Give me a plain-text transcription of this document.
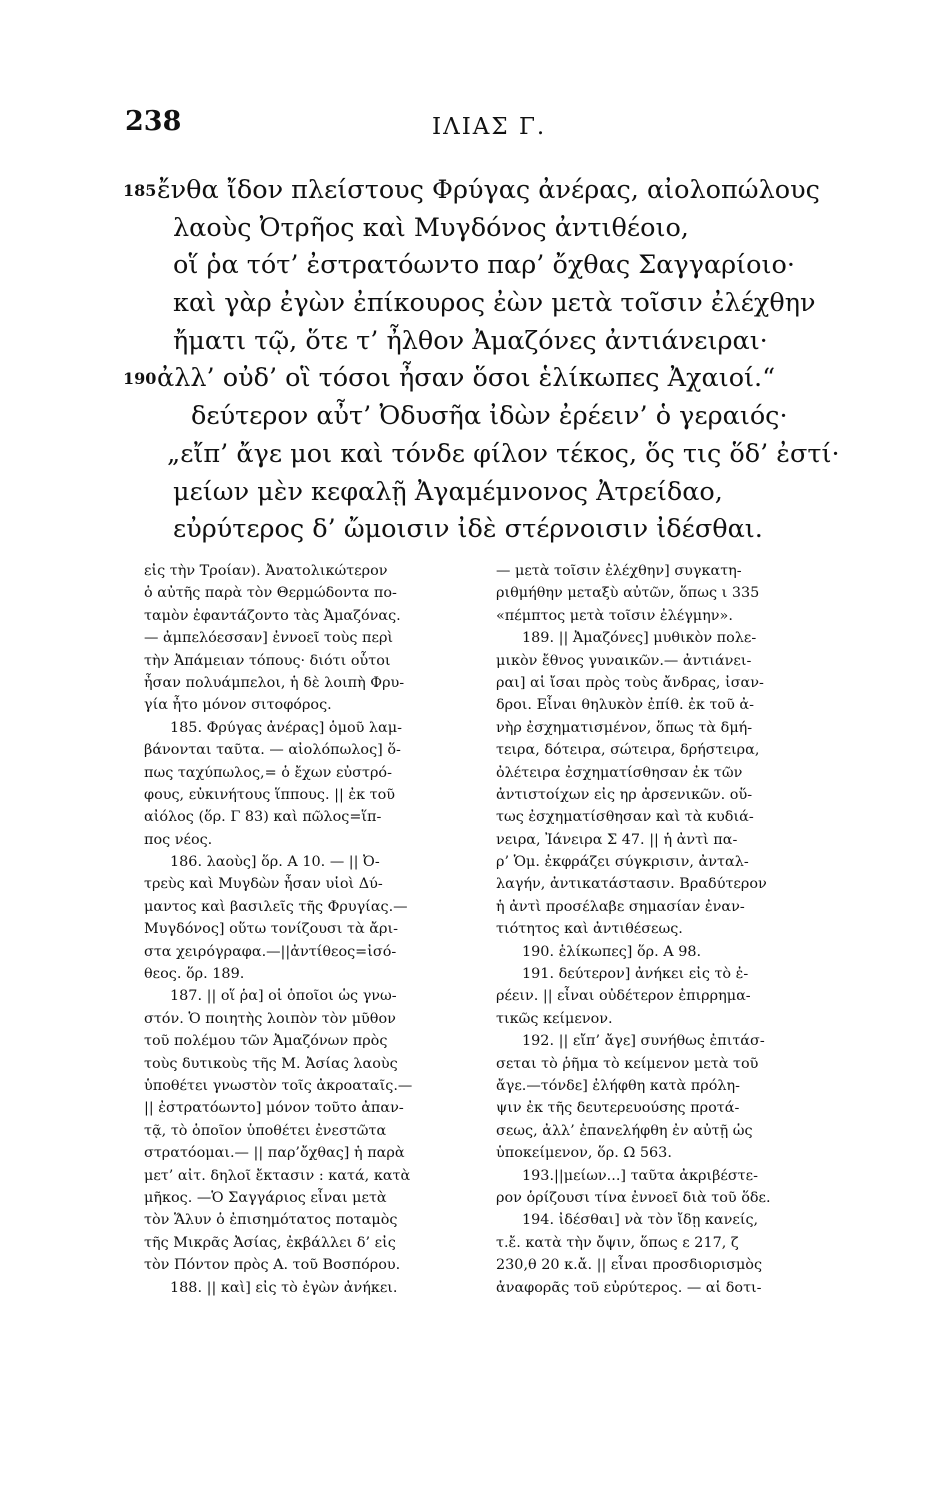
238	ΙΛΙΑΣ Γ.
185 ἔνθα ἴδον πλείστους Φρύγας ἀνέρας, αἰολοπώλους
λαοὺς Ὀτρῆος καὶ Μυγδόνος ἀντιθέοιο,
οἵ ῥα τότ’ ἐστρατόωντο παρ’ ὄχθας Σαγγαρίοιο·
καὶ γὰρ ἐγὼν ἐπίκουρος ἐὼν μετὰ τοῖσιν ἐλέχθην
ἤματι τῷ, ὅτε τ’ ἦλθον Ἀμαζόνες ἀντιάνειραι·
190 ἀλλ’ οὐδ’ οἳ τόσοι ἦσαν ὅσοι ἑλίκωπες Ἀχαιοί.“
δεύτερον αὖτ’ Ὀδυσῆα ἰδὼν ἐρέειν’ ὁ γεραιός·
„εἴπ’ ἄγε μοι καὶ τόνδε φίλον τέκος, ὅς τις ὅδ’ ἐστί·
μείων μὲν κεφαλῇ Ἀγαμέμνονος Ἀτρείδαο,
εὐρύτερος δ’ ὤμοισιν ἰδὲ στέρνοισιν ἰδέσθαι.
εἰς τὴν Τροίαν). Ἀνατολικώτερον
ὁ αὐτῆς παρὰ τὸν Θερμώδοντα πο-
ταμὸν ἐφαντάζοντο τὰς Ἀμαζόνας.
— ἀμπελόεσσαν] ἐννοεῖ τοὺς περὶ
τὴν Ἀπάμειαν τόπους· διότι οὗτοι
ἦσαν πολυάμπελοι, ἡ δὲ λοιπὴ Φρυ-
γία ἦτο μόνον σιτοφόρος.
185. Φρύγας ἀνέρας] ὁμοῦ λαμ-
βάνονται ταῦτα. — αἰολόπωλος] ὅ-
πως ταχύπωλος,= ὁ ἔχων εὐστρό-
φους, εὐκινήτους ἵππους. || ἐκ τοῦ
αἰόλος (ὅρ. Γ 83) καὶ πῶλος=ἵπ-
πος νέος.
186. λαοὺς] ὅρ. Α 10. — || Ὀ-
τρεὺς καὶ Μυγδὼν ἦσαν υἱοὶ Δύ-
μαντος καὶ βασιλεῖς τῆς Φρυγίας.—
Μυγδόνος] οὕτω τονίζουσι τὰ ἄρι-
στα χειρόγραφα.—||ἀντίθεος=ἰσό-
θεος. ὅρ. 189.
187. || οἵ ῥα] οἱ ὁποῖοι ὡς γνω-
στόν. Ὁ ποιητὴς λοιπὸν τὸν μῦθον
τοῦ πολέμου τῶν Ἀμαζόνων πρὸς
τοὺς δυτικοὺς τῆς Μ. Ἀσίας λαοὺς
ὑποθέτει γνωστὸν τοῖς ἀκροαταῖς.—
|| ἐστρατόωντο] μόνον τοῦτο ἀπαν-
τᾷ, τὸ ὁποῖον ὑποθέτει ἐνεστῶτα
στρατόομαι.— || παρ’ὄχθας] ἡ παρὰ
μετ’ αἰτ. δηλοῖ ἔκτασιν : κατά, κατὰ
μῆκος. —Ὁ Σαγγάριος εἶναι μετὰ
τὸν Ἅλυν ὁ ἐπισημότατος ποταμὸς
τῆς Μικρᾶς Ἀσίας, ἐκβάλλει δ’ εἰς
τὸν Πόντον πρὸς Α. τοῦ Βοσπόρου.
188. || καὶ] εἰς τὸ ἐγὼν ἀνήκει.
— μετὰ τοῖσιν ἐλέχθην] συγκατη-
ριθμήθην μεταξὺ αὐτῶν, ὅπως ι 335
«πέμπτος μετὰ τοῖσιν ἐλέγμην».
189. || Ἀμαζόνες] μυθικὸν πολε-
μικὸν ἔθνος γυναικῶν.— ἀντιάνει-
ραι] αἱ ἴσαι πρὸς τοὺς ἄνδρας, ἰσαν-
δροι. Εἶναι θηλυκὸν ἐπίθ. ἐκ τοῦ ἀ-
νὴρ ἐσχηματισμένον, ὅπως τὰ δμή-
τειρα, δότειρα, σώτειρα, δρήστειρα,
ὀλέτειρα ἐσχηματίσθησαν ἐκ τῶν
ἀντιστοίχων εἰς ηρ ἀρσενικῶν. οὕ-
τως ἐσχηματίσθησαν καὶ τὰ κυδιά-
νειρα, Ἰάνειρα Σ 47. || ἡ ἀντὶ πα-
ρ’ Ὁμ. ἐκφράζει σύγκρισιν, ἀνταλ-
λαγήν, ἀντικατάστασιν. Βραδύτερον
ἡ ἀντὶ προσέλαβε σημασίαν ἐναν-
τιότητος καὶ ἀντιθέσεως.
190. ἑλίκωπες] ὅρ. Α 98.
191. δεύτερον] ἀνήκει εἰς τὸ ἐ-
ρέειν. || εἶναι οὐδέτερον ἐπιρρημα-
τικῶς κείμενον.
192. || εἴπ’ ἄγε] συνήθως ἐπιτάσ-
σεται τὸ ῥῆμα τὸ κείμενον μετὰ τοῦ
ἄγε.—τόνδε] ἐλήφθη κατὰ πρόλη-
ψιν ἐκ τῆς δευτερευούσης προτά-
σεως, ἀλλ’ ἐπανελήφθη ἐν αὐτῇ ὡς
ὑποκείμενον, ὅρ. Ω 563.
193.||μείων...] ταῦτα ἀκριβέστε-
ρον ὁρίζουσι τίνα ἐννοεῖ διὰ τοῦ ὅδε.
194. ἰδέσθαι] νὰ τὸν ἴδῃ κανείς,
τ.ἔ. κατὰ τὴν ὄψιν, ὅπως ε 217, ζ
230,θ 20 κ.ἄ. || εἶναι προσδιορισμὸς
ἀναφορᾶς τοῦ εὐρύτερος. — αἱ δοτι-
